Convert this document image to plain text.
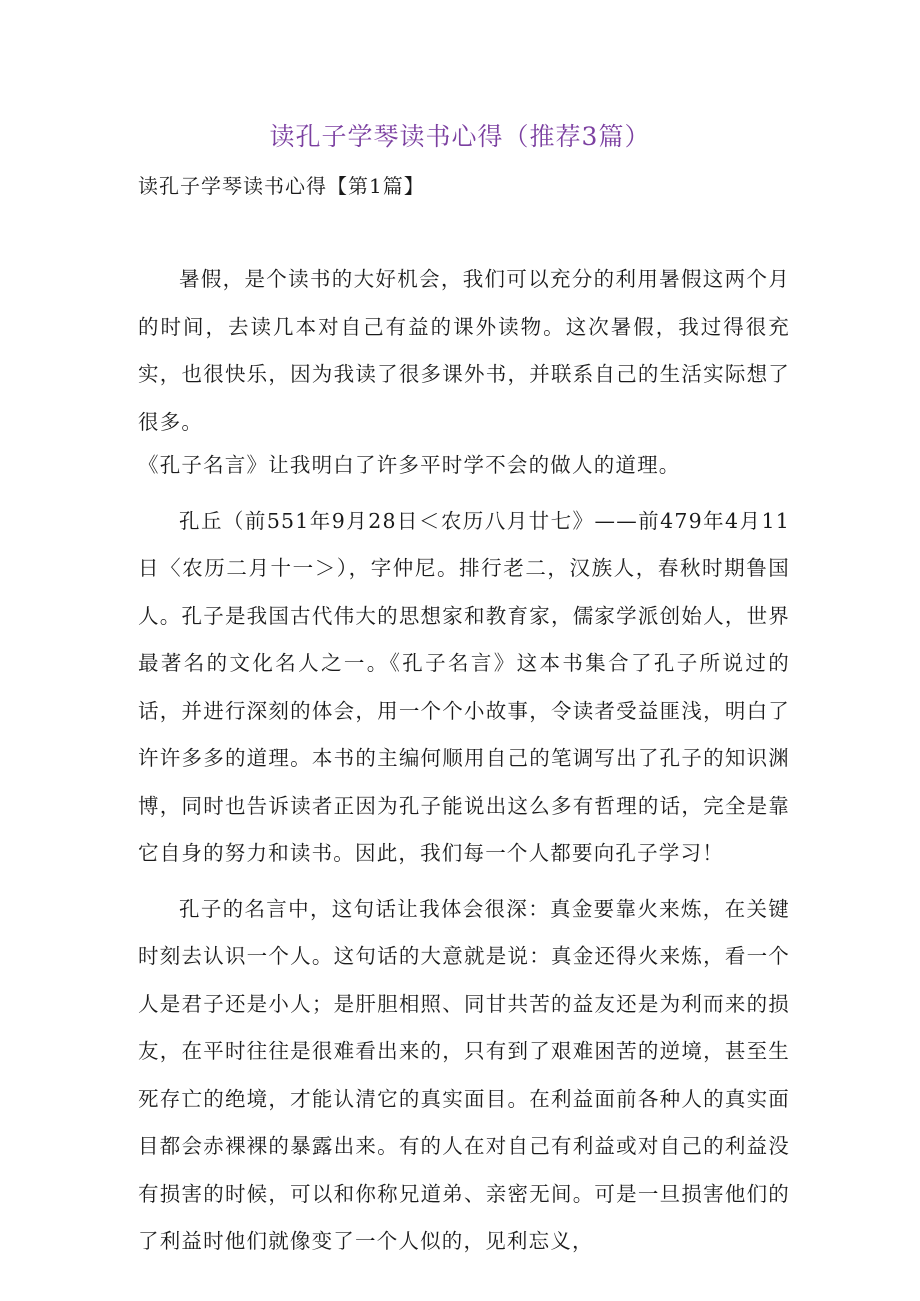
读孔子学琴读书心得（推荐3篇）

读孔子学琴读书心得【第1篇】

暑假，是个读书的大好机会，我们可以充分的利用暑假这两个月的时间，去读几本对自己有益的课外读物。这次暑假，我过得很充实，也很快乐，因为我读了很多课外书，并联系自己的生活实际想了很多。

《孔子名言》让我明白了许多平时学不会的做人的道理。

孔丘（前551年9月28日＜农历八月廿七》——前479年4月11日〈农历二月十一＞），字仲尼。排行老二，汉族人，春秋时期鲁国人。孔子是我国古代伟大的思想家和教育家，儒家学派创始人，世界最著名的文化名人之一。《孔子名言》这本书集合了孔子所说过的话，并进行深刻的体会，用一个个小故事，令读者受益匪浅，明白了许许多多的道理。本书的主编何顺用自己的笔调写出了孔子的知识渊博，同时也告诉读者正因为孔子能说出这么多有哲理的话，完全是靠它自身的努力和读书。因此，我们每一个人都要向孔子学习！

孔子的名言中，这句话让我体会很深：真金要靠火来炼，在关键时刻去认识一个人。这句话的大意就是说：真金还得火来炼，看一个人是君子还是小人；是肝胆相照、同甘共苦的益友还是为利而来的损友，在平时往往是很难看出来的，只有到了艰难困苦的逆境，甚至生死存亡的绝境，才能认清它的真实面目。在利益面前各种人的真实面目都会赤裸裸的暴露出来。有的人在对自己有利益或对自己的利益没有损害的时候，可以和你称兄道弟、亲密无间。可是一旦损害他们的了利益时他们就像变了一个人似的，见利忘义，
